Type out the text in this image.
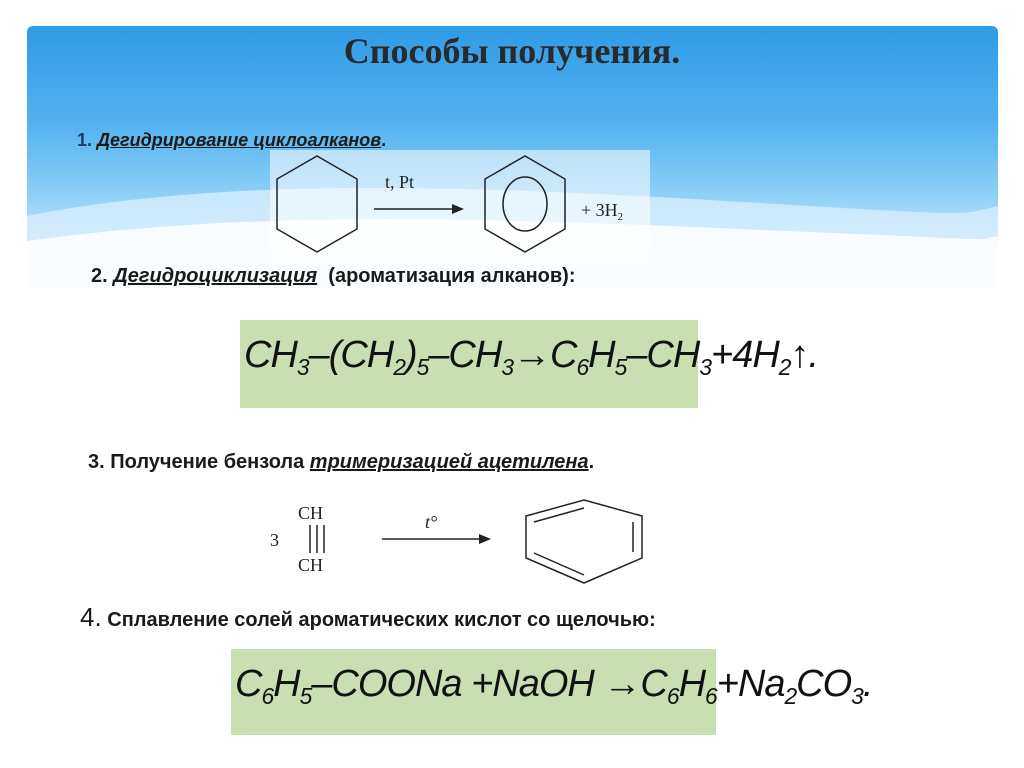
Способы получения.
1. Дегидрирование циклоалканов.
t, Pt
+ $3H_2$
2. Дегидроциклизация  (ароматизация алканов):
$CH_3-(CH_2)_5-CH_3\to C_6H_5-CH_3+4H_2↑$.
3. Получение бензола тримеризацией ацетилена.
3
CH
CH
t°
4. Сплавление солей ароматических кислот со щелочью:
$C_6H_5$–COONa +NaOH $\to C_6H_6+Na_2CO_3$.
